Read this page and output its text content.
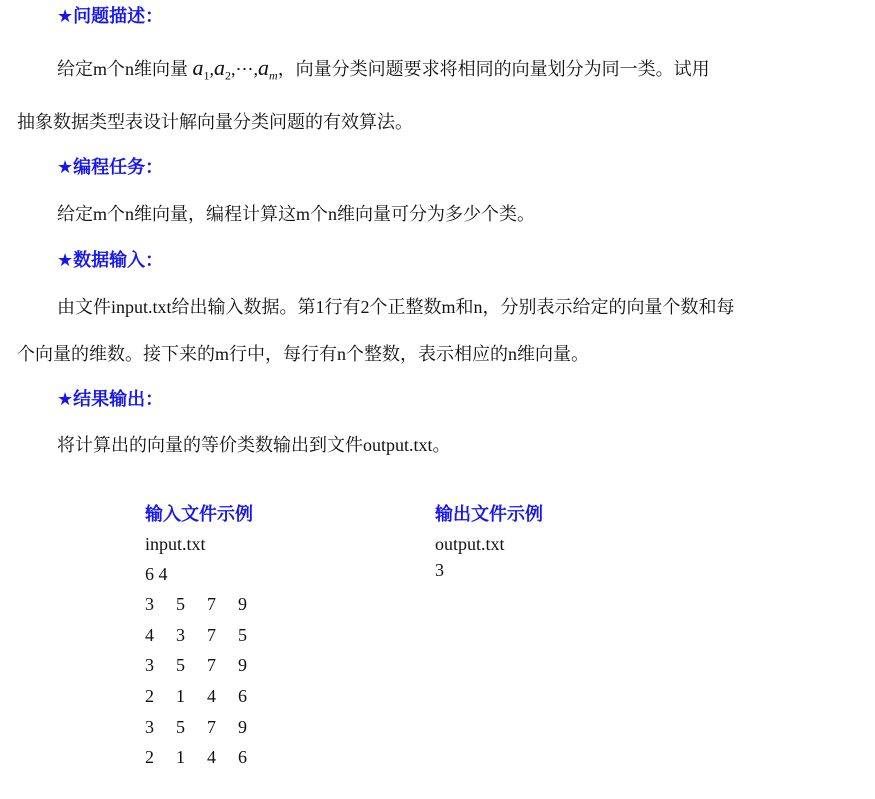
★问题描述：
给定m个n维向量 $a_1,a_2,\cdots,a_m$，向量分类问题要求将相同的向量划分为同一类。试用
抽象数据类型表设计解向量分类问题的有效算法。
★编程任务：
给定m个n维向量，编程计算这m个n维向量可分为多少个类。
★数据输入：
由文件input.txt给出输入数据。第1行有2个正整数m和n，分别表示给定的向量个数和每
个向量的维数。接下来的m行中，每行有n个整数，表示相应的n维向量。
★结果输出：
将计算出的向量的等价类数输出到文件output.txt。
输入文件示例
input.txt
6 4
3 5 7 9
4 3 7 5
3 5 7 9
2 1 4 6
3 5 7 9
2 1 4 6
输出文件示例
output.txt
3
